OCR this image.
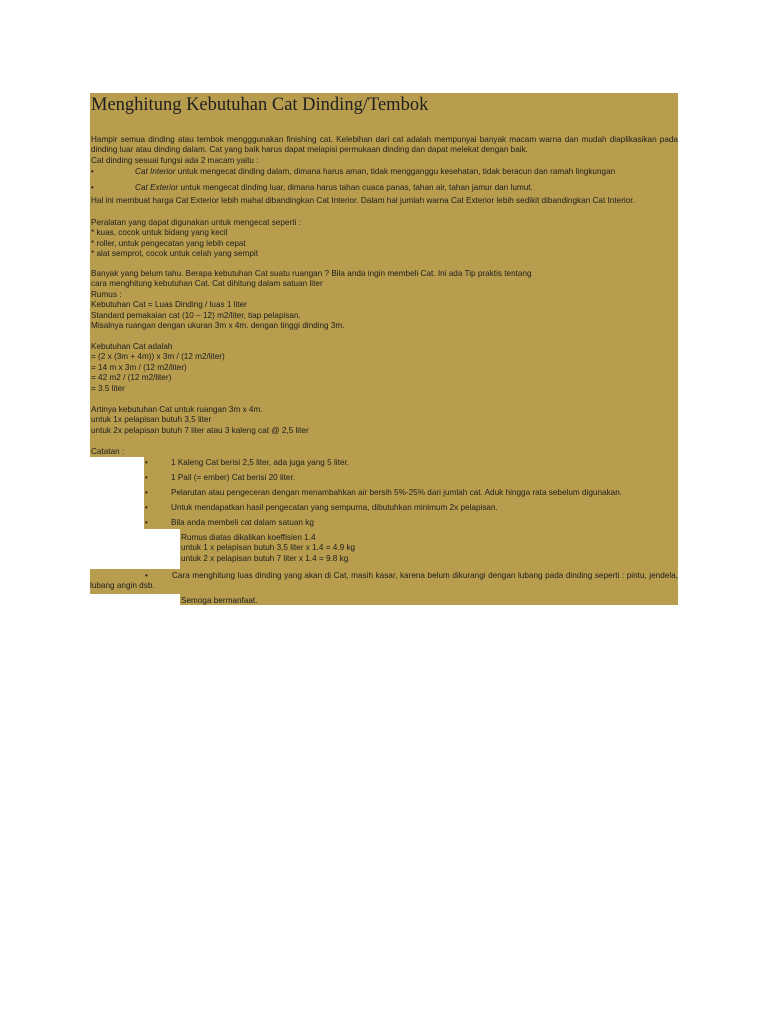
Menghitung Kebutuhan Cat Dinding/Tembok
Hampir semua dinding atau tembok mengggunakan finishing cat. Kelebihan dari cat adalah mempunyai banyak macam warna dan mudah diaplikasikan pada dinding luar atau dinding dalam. Cat yang baik harus dapat melapisi permukaan dinding dan dapat melekat dengan baik.
Cat dinding sesuai fungsi ada 2 macam yaitu :
•	Cat Interior untuk mengecat dinding dalam, dimana harus aman, tidak mengganggu kesehatan, tidak beracun dan ramah lingkungan
•	Cat Exterior untuk mengecat dinding luar, dimana harus tahan cuaca panas, tahan air, tahan jamur dan lumut.
Hal ini membuat harga Cat Exterior lebih mahal dibandingkan Cat Interior. Dalam hal jumlah warna Cat Exterior lebih sedikit dibandingkan Cat Interior.
Peralatan yang dapat digunakan untuk mengecat seperti :
* kuas, cocok untuk bidang yang kecil
* roller, untuk pengecatan yang lebih cepat
* alat semprot, cocok untuk celah yang sempit
Banyak yang belum tahu. Berapa kebutuhan Cat suatu ruangan ? Bila anda ingin membeli Cat. Ini ada Tip praktis tentang
cara menghitung kebutuhan Cat. Cat dihitung dalam satuan liter
Rumus :
Kebutuhan Cat = Luas Dinding / luas 1 liter
Standard pemakaian cat (10 – 12) m2/liter, tiap pelapisan.
Misalnya ruangan dengan ukuran 3m x 4m. dengan tinggi dinding 3m.
Kebutuhan Cat adalah
= (2 x (3m + 4m)) x 3m / (12 m2/liter)
= 14 m x 3m / (12 m2/liter)
= 42 m2 / (12 m2/liter)
= 3.5 liter
Artinya kebutuhan Cat untuk ruangan 3m x 4m.
untuk 1x pelapisan butuh 3,5 liter
untuk 2x pelapisan butuh 7 liter atau 3 kaleng cat @ 2,5 liter
Catatan :
•	1 Kaleng Cat berisi 2,5 liter, ada juga yang 5 liter.
•	1 Pail (= ember) Cat berisi 20 liter.
•	Pelarutan atau pengeceran dengan menambahkan air bersih 5%-25% dari jumlah cat. Aduk hingga rata sebelum digunakan.
•	Untuk mendapatkan hasil pengecatan yang sempurna, dibutuhkan minimum 2x pelapisan.
•	Bila anda membeli cat dalam satuan kg
Rumus diatas dikalikan koeffisien 1.4
untuk 1 x pelapisan butuh 3,5 liter x 1.4 = 4.9 kg
untuk 2 x pelapisan butuh 7 liter x 1.4 = 9.8 kg
•	Cara menghitung luas dinding yang akan di Cat, masih kasar, karena belum dikurangi dengan lubang pada dinding seperti : pintu, jendela, lubang angin dsb.
Semoga bermanfaat.
